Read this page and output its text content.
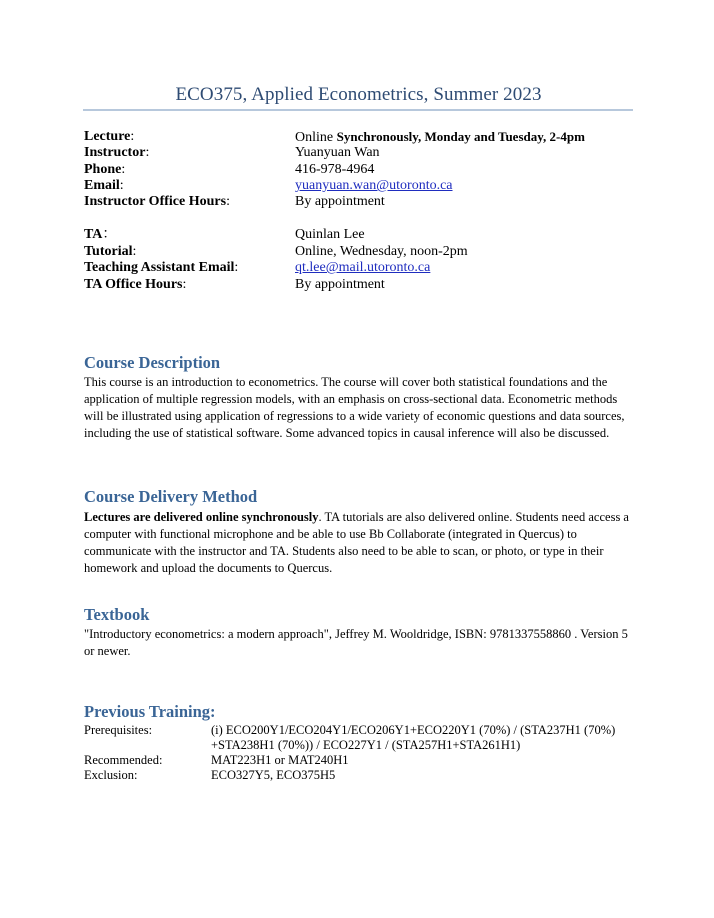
ECO375, Applied Econometrics, Summer 2023
Lecture:	Online Synchronously, Monday and Tuesday, 2-4pm
Instructor:	Yuanyuan Wan
Phone:	416-978-4964
Email:	yuanyuan.wan@utoronto.ca
Instructor Office Hours:	By appointment
TA：	Quinlan Lee
Tutorial:	Online, Wednesday, noon-2pm
Teaching Assistant Email:	qt.lee@mail.utoronto.ca
TA Office Hours:	By appointment
Course Description
This course is an introduction to econometrics. The course will cover both statistical foundations and the application of multiple regression models, with an emphasis on cross-sectional data. Econometric methods will be illustrated using application of regressions to a wide variety of economic questions and data sources, including the use of statistical software. Some advanced topics in causal inference will also be discussed.
Course Delivery Method
Lectures are delivered online synchronously. TA tutorials are also delivered online. Students need access a computer with functional microphone and be able to use Bb Collaborate (integrated in Quercus) to communicate with the instructor and TA. Students also need to be able to scan, or photo, or type in their homework and upload the documents to Quercus.
Textbook
"Introductory econometrics: a modern approach", Jeffrey M. Wooldridge, ISBN: 9781337558860 . Version 5 or newer.
Previous Training:
Prerequisites:	(i) ECO200Y1/ECO204Y1/ECO206Y1+ECO220Y1 (70%) / (STA237H1 (70%) +STA238H1 (70%)) / ECO227Y1 / (STA257H1+STA261H1)
Recommended:	MAT223H1 or MAT240H1
Exclusion:	ECO327Y5, ECO375H5
